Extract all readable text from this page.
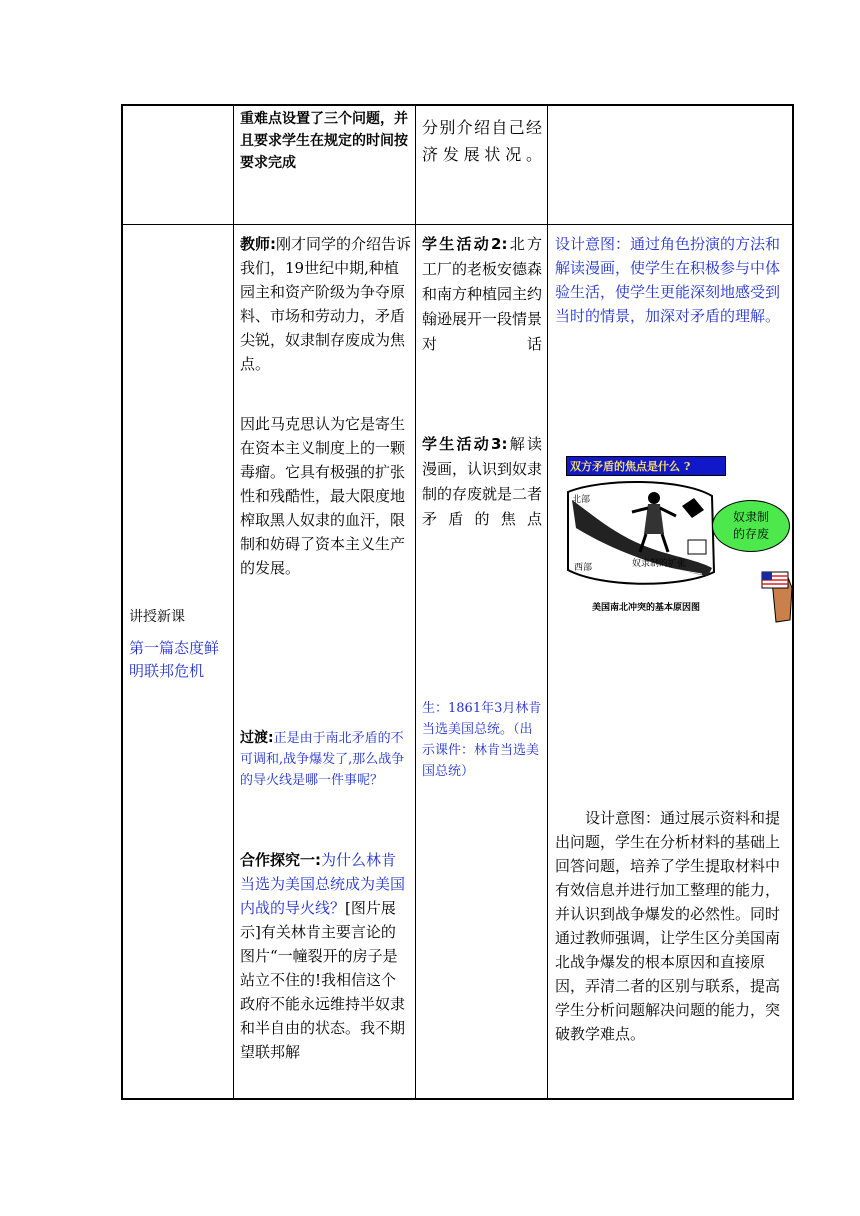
重难点设置了三个问题，并且要求学生在规定的时间按要求完成
分别介绍自己经济发展状况。
讲授新课
第一篇态度鲜明联邦危机
教师:刚才同学的介绍告诉我们，19世纪中期,种植园主和资产阶级为争夺原料、市场和劳动力，矛盾尖锐，奴隶制存废成为焦点。
因此马克思认为它是寄生在资本主义制度上的一颗毒瘤。它具有极强的扩张性和残酷性，最大限度地榨取黑人奴隶的血汗，限制和妨碍了资本主义生产的发展。
过渡:正是由于南北矛盾的不可调和,战争爆发了,那么战争的导火线是哪一件事呢？
合作探究一:为什么林肯当选为美国总统成为美国内战的导火线？[图片展示]有关林肯主要言论的图片“一幢裂开的房子是站立不住的!我相信这个政府不能永远维持半奴隶和半自由的状态。我不期望联邦解
学生活动2:北方工厂的老板安德森和南方种植园主约翰逊展开一段情景对话
学生活动3:解读漫画，认识到奴隶制的存废就是二者矛盾的焦点
生：1861年3月林肯当选美国总统。（出示课件：林肯当选美国总统）
设计意图：通过角色扮演的方法和解读漫画，使学生在积极参与中体验生活，使学生更能深刻地感受到当时的情景，加深对矛盾的理解。
设计意图：通过展示资料和提出问题，学生在分析材料的基础上回答问题，培养了学生提取材料中有效信息并进行加工整理的能力，并认识到战争爆发的必然性。同时通过教师强调，让学生区分美国南北战争爆发的根本原因和直接原因，弄清二者的区别与联系，提高学生分析问题解决问题的能力，突破教学难点。
双方矛盾的焦点是什么 ?
北部
南部
西部	奴隶制的扩张
奴隶制
的存废
美国南北冲突的基本原因图
